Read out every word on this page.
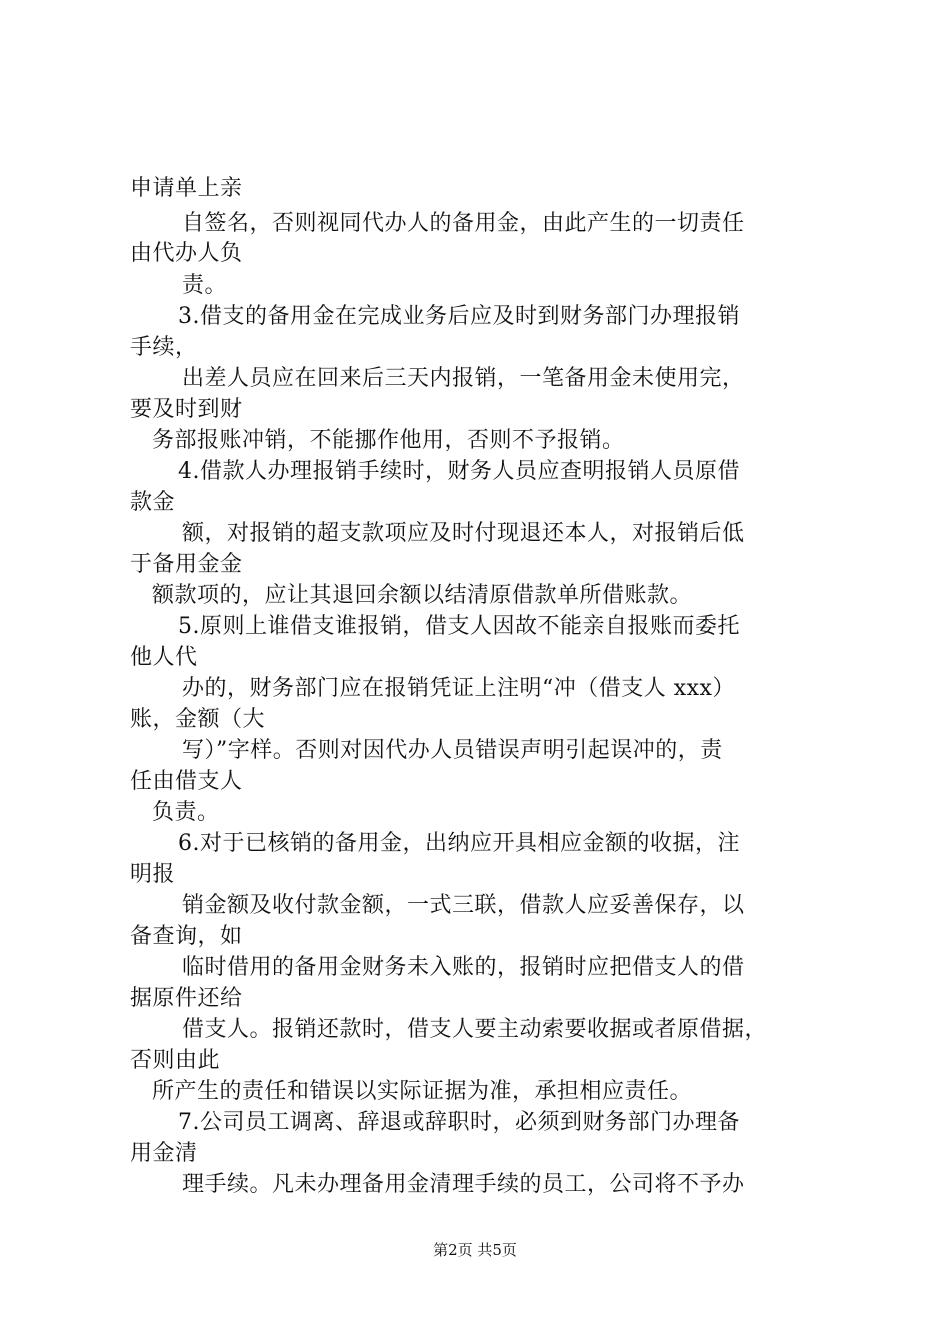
申请单上亲
自签名，否则视同代办人的备用金，由此产生的一切责任
由代办人负
责。
3.借支的备用金在完成业务后应及时到财务部门办理报销
手续，
出差人员应在回来后三天内报销，一笔备用金未使用完，
要及时到财
务部报账冲销，不能挪作他用，否则不予报销。
4.借款人办理报销手续时，财务人员应查明报销人员原借
款金
额，对报销的超支款项应及时付现退还本人，对报销后低
于备用金金
额款项的，应让其退回余额以结清原借款单所借账款。
5.原则上谁借支谁报销，借支人因故不能亲自报账而委托
他人代
办的，财务部门应在报销凭证上注明“冲（借支人 xxx）
账，金额（大
写）”字样。否则对因代办人员错误声明引起误冲的，责
任由借支人
负责。
6.对于已核销的备用金，出纳应开具相应金额的收据，注
明报
销金额及收付款金额，一式三联，借款人应妥善保存，以
备查询，如
临时借用的备用金财务未入账的，报销时应把借支人的借
据原件还给
借支人。报销还款时，借支人要主动索要收据或者原借据，
否则由此
所产生的责任和错误以实际证据为准，承担相应责任。
7.公司员工调离、辞退或辞职时，必须到财务部门办理备
用金清
理手续。凡未办理备用金清理手续的员工，公司将不予办
第2页 共5页
